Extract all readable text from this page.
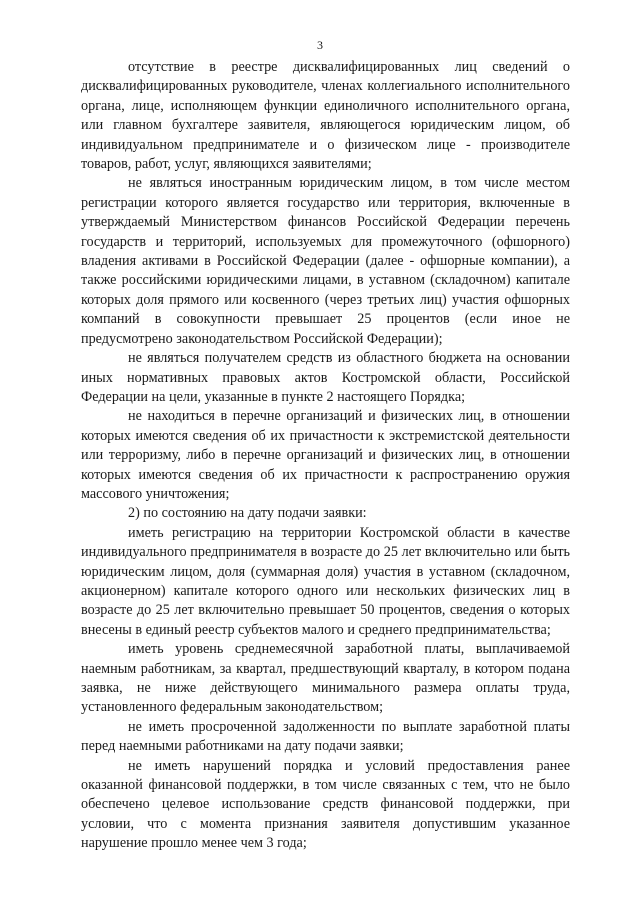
3

отсутствие в реестре дисквалифицированных лиц сведений о дисквалифицированных руководителе, членах коллегиального исполнительного органа, лице, исполняющем функции единоличного исполнительного органа, или главном бухгалтере заявителя, являющегося юридическим лицом, об индивидуальном предпринимателе и о физическом лице - производителе товаров, работ, услуг, являющихся заявителями;

не являться иностранным юридическим лицом, в том числе местом регистрации которого является государство или территория, включенные в утверждаемый Министерством финансов Российской Федерации перечень государств и территорий, используемых для промежуточного (офшорного) владения активами в Российской Федерации (далее - офшорные компании), а также российскими юридическими лицами, в уставном (складочном) капитале которых доля прямого или косвенного (через третьих лиц) участия офшорных компаний в совокупности превышает 25 процентов (если иное не предусмотрено законодательством Российской Федерации);

не являться получателем средств из областного бюджета на основании иных нормативных правовых актов Костромской области, Российской Федерации на цели, указанные в пункте 2 настоящего Порядка;

не находиться в перечне организаций и физических лиц, в отношении которых имеются сведения об их причастности к экстремистской деятельности или терроризму, либо в перечне организаций и физических лиц, в отношении которых имеются сведения об их причастности к распространению оружия массового уничтожения;

2) по состоянию на дату подачи заявки:

иметь регистрацию на территории Костромской области в качестве индивидуального предпринимателя в возрасте до 25 лет включительно или быть юридическим лицом, доля (суммарная доля) участия в уставном (складочном, акционерном) капитале которого одного или нескольких физических лиц в возрасте до 25 лет включительно превышает 50 процентов, сведения о которых внесены в единый реестр субъектов малого и среднего предпринимательства;

иметь уровень среднемесячной заработной платы, выплачиваемой наемным работникам, за квартал, предшествующий кварталу, в котором подана заявка, не ниже действующего минимального размера оплаты труда, установленного федеральным законодательством;

не иметь просроченной задолженности по выплате заработной платы перед наемными работниками на дату подачи заявки;

не иметь нарушений порядка и условий предоставления ранее оказанной финансовой поддержки, в том числе связанных с тем, что не было обеспечено целевое использование средств финансовой поддержки, при условии, что с момента признания заявителя допустившим указанное нарушение прошло менее чем 3 года;
